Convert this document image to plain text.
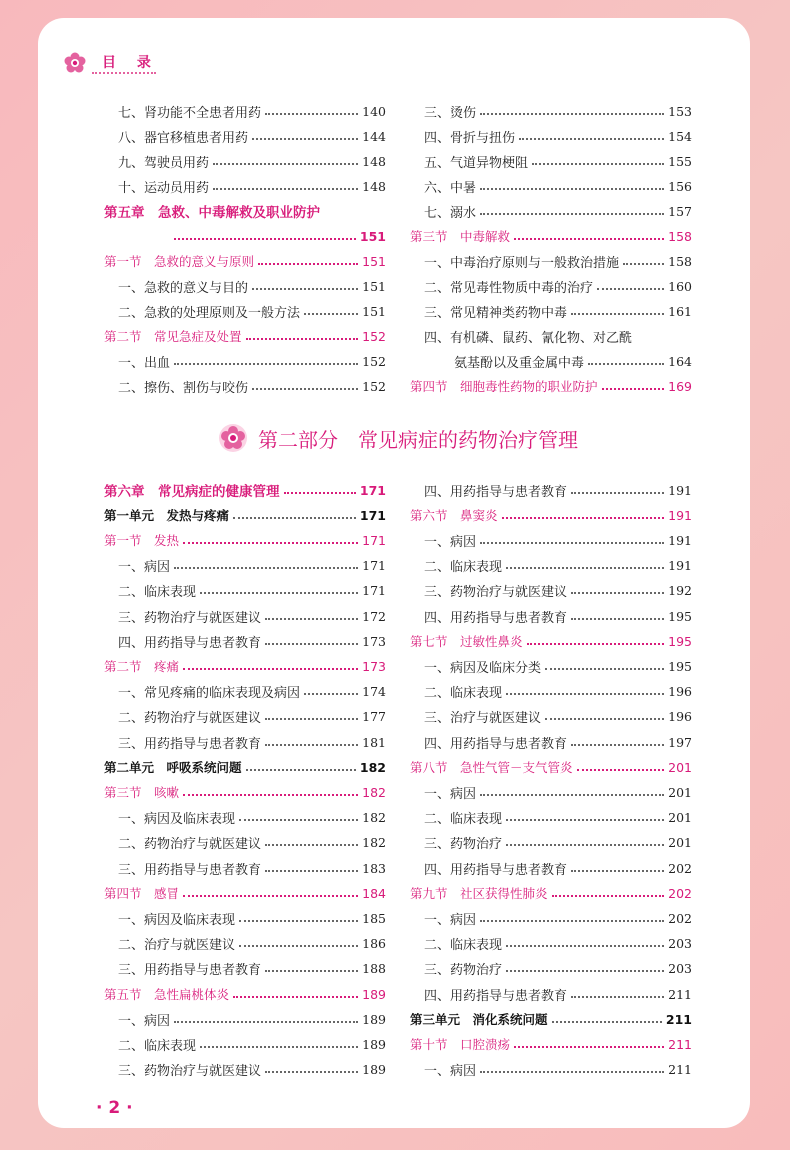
目 录
七、肾功能不全患者用药	140
八、器官移植患者用药	144
九、驾驶员用药	148
十、运动员用药	148
第五章　急救、中毒解救及职业防护
151
第一节　急救的意义与原则	151
一、急救的意义与目的	151
二、急救的处理原则及一般方法	151
第二节　常见急症及处置	152
一、出血	152
二、擦伤、割伤与咬伤	152
三、烫伤	153
四、骨折与扭伤	154
五、气道异物梗阻	155
六、中暑	156
七、溺水	157
第三节　中毒解救	158
一、中毒治疗原则与一般救治措施	158
二、常见毒性物质中毒的治疗	160
三、常见精神类药物中毒	161
四、有机磷、鼠药、氰化物、对乙酰
氨基酚以及重金属中毒	164
第四节　细胞毒性药物的职业防护	169
第二部分　常见病症的药物治疗管理
第六章　常见病症的健康管理	171
第一单元　发热与疼痛	171
第一节　发热	171
一、病因	171
二、临床表现	171
三、药物治疗与就医建议	172
四、用药指导与患者教育	173
第二节　疼痛	173
一、常见疼痛的临床表现及病因	174
二、药物治疗与就医建议	177
三、用药指导与患者教育	181
第二单元　呼吸系统问题	182
第三节　咳嗽	182
一、病因及临床表现	182
二、药物治疗与就医建议	182
三、用药指导与患者教育	183
第四节　感冒	184
一、病因及临床表现	185
二、治疗与就医建议	186
三、用药指导与患者教育	188
第五节　急性扁桃体炎	189
一、病因	189
二、临床表现	189
三、药物治疗与就医建议	189
四、用药指导与患者教育	191
第六节　鼻窦炎	191
一、病因	191
二、临床表现	191
三、药物治疗与就医建议	192
四、用药指导与患者教育	195
第七节　过敏性鼻炎	195
一、病因及临床分类	195
二、临床表现	196
三、治疗与就医建议	196
四、用药指导与患者教育	197
第八节　急性气管－支气管炎	201
一、病因	201
二、临床表现	201
三、药物治疗	201
四、用药指导与患者教育	202
第九节　社区获得性肺炎	202
一、病因	202
二、临床表现	203
三、药物治疗	203
四、用药指导与患者教育	211
第三单元　消化系统问题	211
第十节　口腔溃疡	211
一、病因	211
· 2 ·
